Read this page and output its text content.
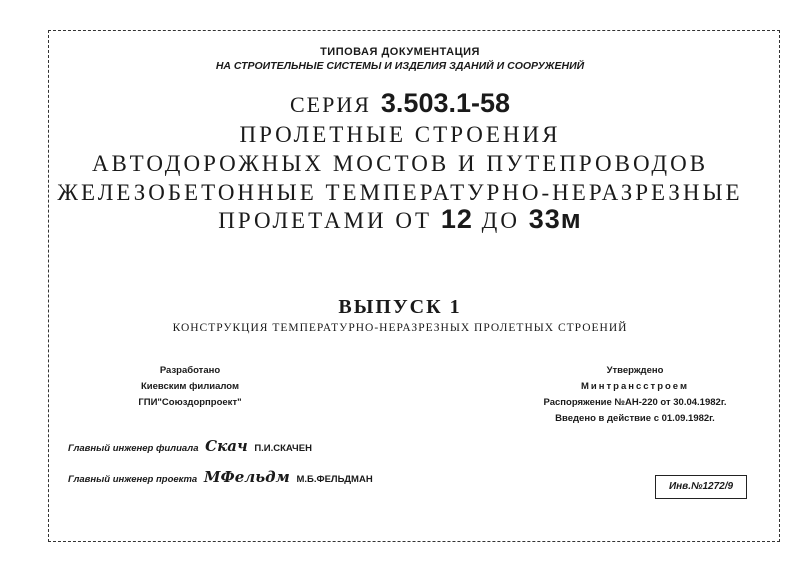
ТИПОВАЯ ДОКУМЕНТАЦИЯ
НА СТРОИТЕЛЬНЫЕ СИСТЕМЫ И ИЗДЕЛИЯ ЗДАНИЙ И СООРУЖЕНИЙ
СЕРИЯ 3.503.1-58
ПРОЛЕТНЫЕ СТРОЕНИЯ
АВТОДОРОЖНЫХ МОСТОВ И ПУТЕПРОВОДОВ
ЖЕЛЕЗОБЕТОННЫЕ ТЕМПЕРАТУРНО-НЕРАЗРЕЗНЫЕ
ПРОЛЕТАМИ ОТ 12 ДО 33м
ВЫПУСК 1
КОНСТРУКЦИЯ ТЕМПЕРАТУРНО-НЕРАЗРЕЗНЫХ ПРОЛЕТНЫХ СТРОЕНИЙ
Разработано
Киевским филиалом
ГПИ"Союздорпроект"
Утверждено
Минтрансстроем
Распоряжение №АН-220 от 30.04.1982г.
Введено в действие с 01.09.1982г.
Главный инженер филиала Скач П.И.СКАЧЕН
Главный инженер проекта МФельдм М.Б.ФЕЛЬДМАН
Инв.№1272/9
